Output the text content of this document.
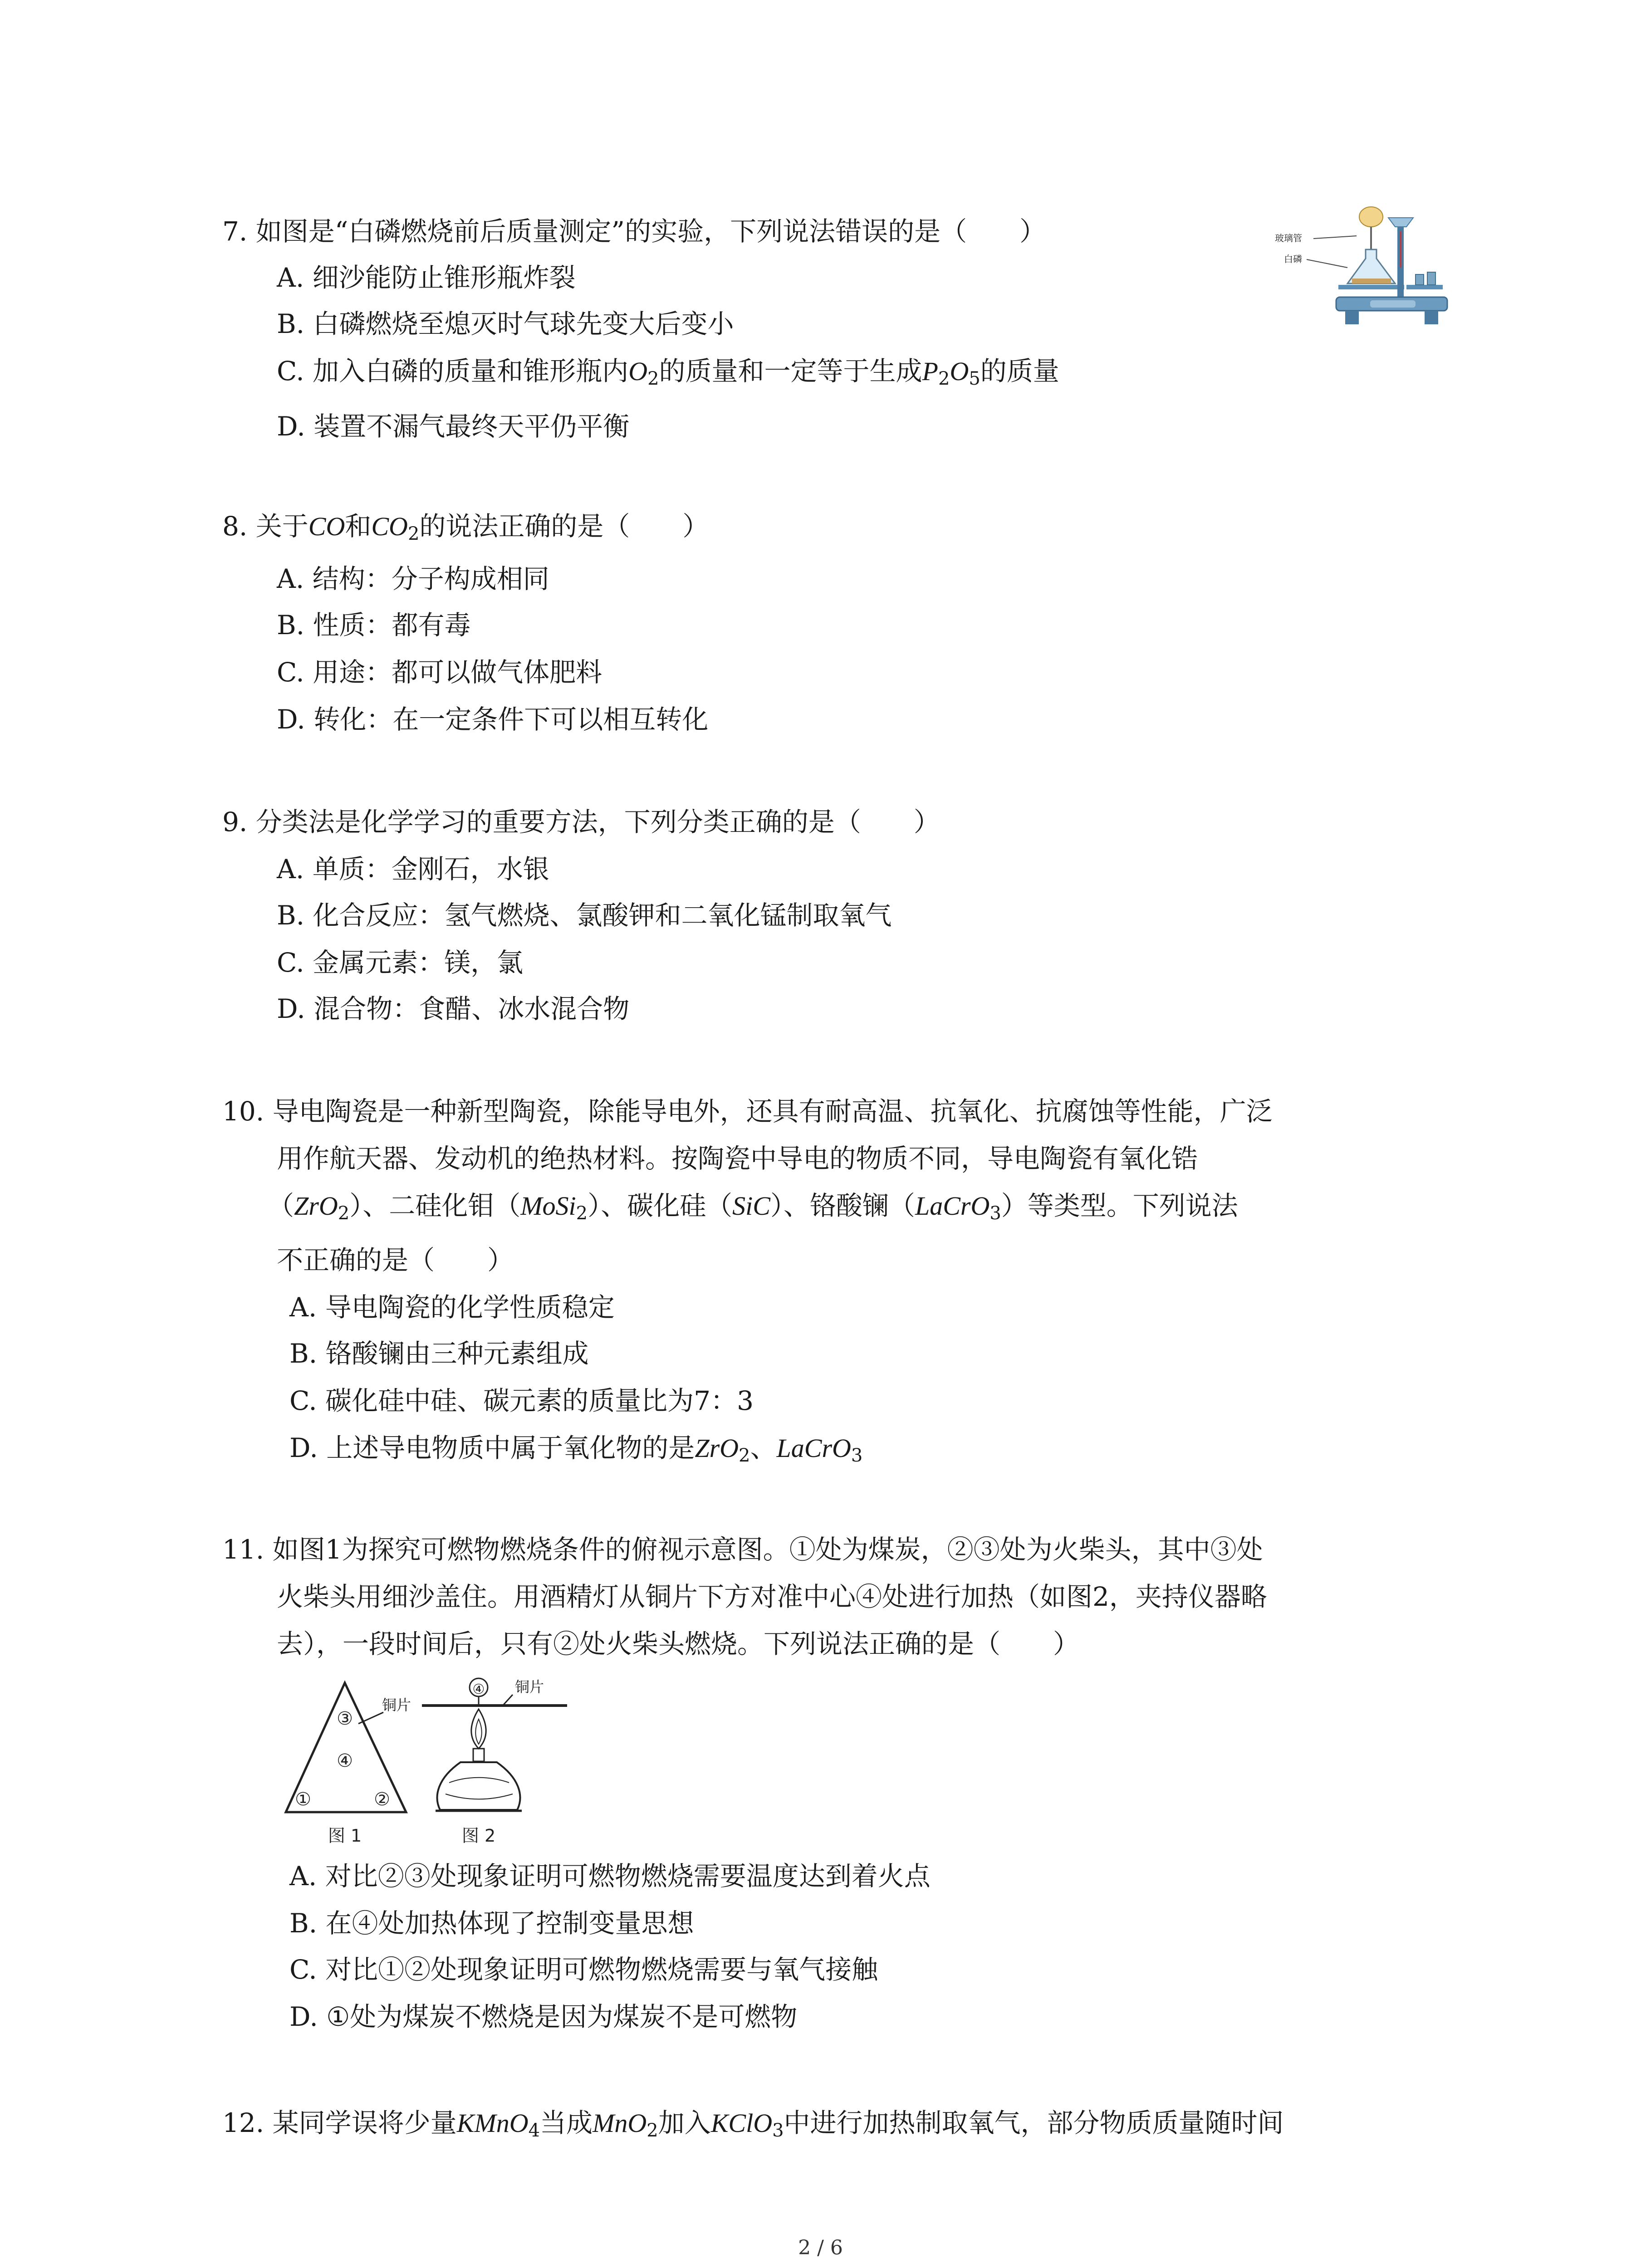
7. 如图是“白磷燃烧前后质量测定”的实验，下列说法错误的是（　　）
A. 细沙能防止锥形瓶炸裂
B. 白磷燃烧至熄灭时气球先变大后变小
C. 加入白磷的质量和锥形瓶内$O_2$的质量和一定等于生成$P_2O_5$的质量
D. 装置不漏气最终天平仍平衡
玻璃管
白磷
8. 关于CO和$CO_2$的说法正确的是（　　）
A. 结构：分子构成相同
B. 性质：都有毒
C. 用途：都可以做气体肥料
D. 转化：在一定条件下可以相互转化
9. 分类法是化学学习的重要方法，下列分类正确的是（　　）
A. 单质：金刚石，水银
B. 化合反应：氢气燃烧、氯酸钾和二氧化锰制取氧气
C. 金属元素：镁，氯
D. 混合物：食醋、冰水混合物
10. 导电陶瓷是一种新型陶瓷，除能导电外，还具有耐高温、抗氧化、抗腐蚀等性能，广泛
用作航天器、发动机的绝热材料。按陶瓷中导电的物质不同，导电陶瓷有氧化锆
（ZrO$_2$）、二硅化钼（MoSi$_2$）、碳化硅（SiC）、铬酸镧（LaCrO$_3$）等类型。下列说法
不正确的是（　　）
A. 导电陶瓷的化学性质稳定
B. 铬酸镧由三种元素组成
C. 碳化硅中硅、碳元素的质量比为7：3
D. 上述导电物质中属于氧化物的是ZrO$_2$、LaCrO$_3$
11. 如图1为探究可燃物燃烧条件的俯视示意图。①处为煤炭，②③处为火柴头，其中③处
火柴头用细沙盖住。用酒精灯从铜片下方对准中心④处进行加热（如图2，夹持仪器略
去），一段时间后，只有②处火柴头燃烧。下列说法正确的是（　　）
③
④
①	②
铜片
图 1
④ 铜片
图 2
A. 对比②③处现象证明可燃物燃烧需要温度达到着火点
B. 在④处加热体现了控制变量思想
C. 对比①②处现象证明可燃物燃烧需要与氧气接触
D. ①处为煤炭不燃烧是因为煤炭不是可燃物
12. 某同学误将少量KMnO$_4$当成MnO$_2$加入KClO$_3$中进行加热制取氧气，部分物质质量随时间
2 / 6
